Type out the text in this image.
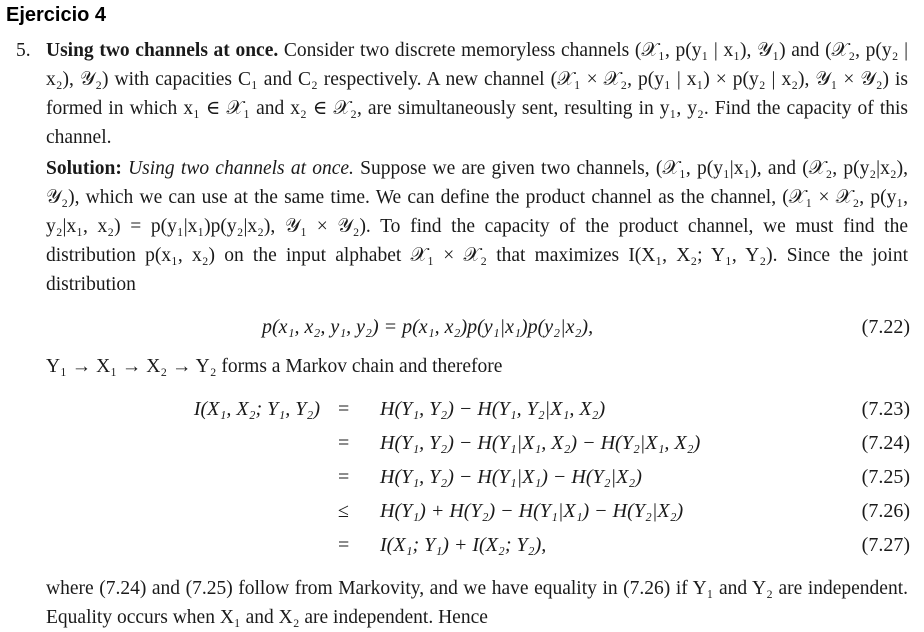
Ejercicio 4
5. Using two channels at once. Consider two discrete memoryless channels (𝒳₁, p(y₁ | x₁), 𝒴₁) and (𝒳₂, p(y₂ | x₂), 𝒴₂) with capacities C₁ and C₂ respectively. A new channel (𝒳₁ × 𝒳₂, p(y₁ | x₁) × p(y₂ | x₂), 𝒴₁ × 𝒴₂) is formed in which x₁ ∈ 𝒳₁ and x₂ ∈ 𝒳₂, are simultaneously sent, resulting in y₁, y₂. Find the capacity of this channel.
Solution: Using two channels at once. Suppose we are given two channels, (𝒳₁, p(y₁|x₁), and (𝒳₂, p(y₂|x₂), 𝒴₂), which we can use at the same time. We can define the product channel as the channel, (𝒳₁ × 𝒳₂, p(y₁, y₂|x₁, x₂) = p(y₁|x₁)p(y₂|x₂), 𝒴₁ × 𝒴₂). To find the capacity of the product channel, we must find the distribution p(x₁, x₂) on the input alphabet 𝒳₁ × 𝒳₂ that maximizes I(X₁, X₂; Y₁, Y₂). Since the joint distribution
p(x₁, x₂, y₁, y₂) = p(x₁, x₂)p(y₁|x₁)p(y₂|x₂),	(7.22)
Y₁ → X₁ → X₂ → Y₂ forms a Markov chain and therefore
I(X₁, X₂; Y₁, Y₂) = H(Y₁, Y₂) − H(Y₁, Y₂|X₁, X₂)	(7.23)
= H(Y₁, Y₂) − H(Y₁|X₁, X₂) − H(Y₂|X₁, X₂)	(7.24)
= H(Y₁, Y₂) − H(Y₁|X₁) − H(Y₂|X₂)	(7.25)
≤ H(Y₁) + H(Y₂) − H(Y₁|X₁) − H(Y₂|X₂)	(7.26)
= I(X₁; Y₁) + I(X₂; Y₂),	(7.27)
where (7.24) and (7.25) follow from Markovity, and we have equality in (7.26) if Y₁ and Y₂ are independent. Equality occurs when X₁ and X₂ are independent. Hence
